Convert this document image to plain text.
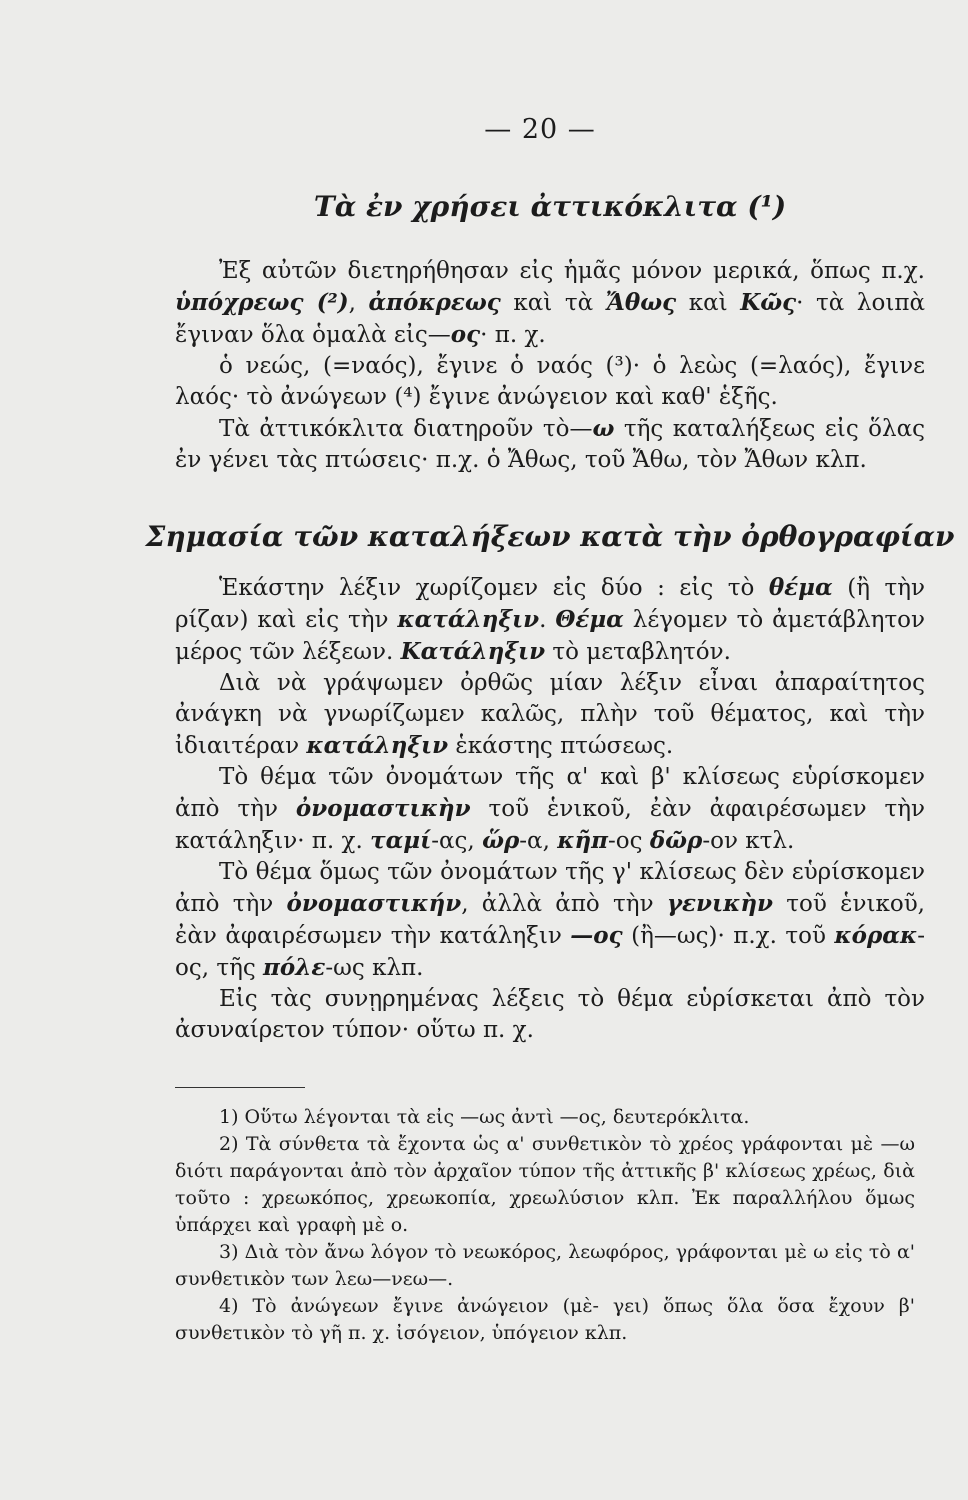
— 20 —
Τὰ ἐν χρήσει ἀττικόκλιτα (¹)

Ἐξ αὐτῶν διετηρήθησαν εἰς ἡμᾶς μόνον μερικά, ὅπως π.χ. ὑπόχρεως (²), ἀπόκρεως καὶ τὰ Ἄθως καὶ Κῶς· τὰ λοιπὰ ἔγιναν ὅλα ὁμαλὰ εἰς—ος· π. χ.

ὁ νεώς, (=ναός), ἔγινε ὁ ναός (³)· ὁ λεὼς (=λαός), ἔγινε λαός· τὸ ἀνώγεων (⁴) ἔγινε ἀνώγειον καὶ καθ' ἑξῆς.

Τὰ ἀττικόκλιτα διατηροῦν τὸ—ω τῆς καταλήξεως εἰς ὅλας ἐν γένει τὰς πτώσεις· π.χ. ὁ Ἄθως, τοῦ Ἄθω, τὸν Ἄθων κλπ.

Σημασία τῶν καταλήξεων κατὰ τὴν ὀρθογραφίαν

Ἑκάστην λέξιν χωρίζομεν εἰς δύο : εἰς τὸ θέμα (ἢ τὴν ρίζαν) καὶ εἰς τὴν κατάληξιν. Θέμα λέγομεν τὸ ἀμετάβλητον μέρος τῶν λέξεων. Κατάληξιν τὸ μεταβλητόν.

Διὰ νὰ γράψωμεν ὀρθῶς μίαν λέξιν εἶναι ἀπαραίτητος ἀνάγκη νὰ γνωρίζωμεν καλῶς, πλὴν τοῦ θέματος, καὶ τὴν ἰδιαιτέραν κατάληξιν ἑκάστης πτώσεως.

Τὸ θέμα τῶν ὀνομάτων τῆς α' καὶ β' κλίσεως εὑρίσκομεν ἀπὸ τὴν ὀνομαστικὴν τοῦ ἑνικοῦ, ἐὰν ἀφαιρέσωμεν τὴν κατάληξιν· π. χ. ταμί-ας, ὥρ-α, κῆπ-ος δῶρ-ον κτλ.

Τὸ θέμα ὅμως τῶν ὀνομάτων τῆς γ' κλίσεως δὲν εὑρίσκομεν ἀπὸ τὴν ὀνομαστικήν, ἀλλὰ ἀπὸ τὴν γενικὴν τοῦ ἑνικοῦ, ἐὰν ἀφαιρέσωμεν τὴν κατάληξιν —ος (ἢ—ως)· π.χ. τοῦ κόρακ-ος, τῆς πόλε-ως κλπ.

Εἰς τὰς συνῃρημένας λέξεις τὸ θέμα εὑρίσκεται ἀπὸ τὸν ἀσυναίρετον τύπον· οὕτω π. χ.

1) Οὕτω λέγονται τὰ εἰς —ως ἀντὶ —ος, δευτερόκλιτα.

2) Τὰ σύνθετα τὰ ἔχοντα ὡς α' συνθετικὸν τὸ χρέος γράφονται μὲ —ω διότι παράγονται ἀπὸ τὸν ἀρχαῖον τύπον τῆς ἀττικῆς β' κλίσεως χρέως, διὰ τοῦτο : χρεωκόπος, χρεωκοπία, χρεωλύσιον κλπ. Ἐκ παραλλήλου ὅμως ὑπάρχει καὶ γραφὴ μὲ ο.

3) Διὰ τὸν ἄνω λόγον τὸ νεωκόρος, λεωφόρος, γράφονται μὲ ω εἰς τὸ α' συνθετικὸν των λεω—νεω—.

4) Τὸ ἀνώγεων ἔγινε ἀνώγειον (μὲ- γει) ὅπως ὅλα ὅσα ἔχουν β' συνθετικὸν τὸ γῆ π. χ. ἰσόγειον, ὑπόγειον κλπ.
